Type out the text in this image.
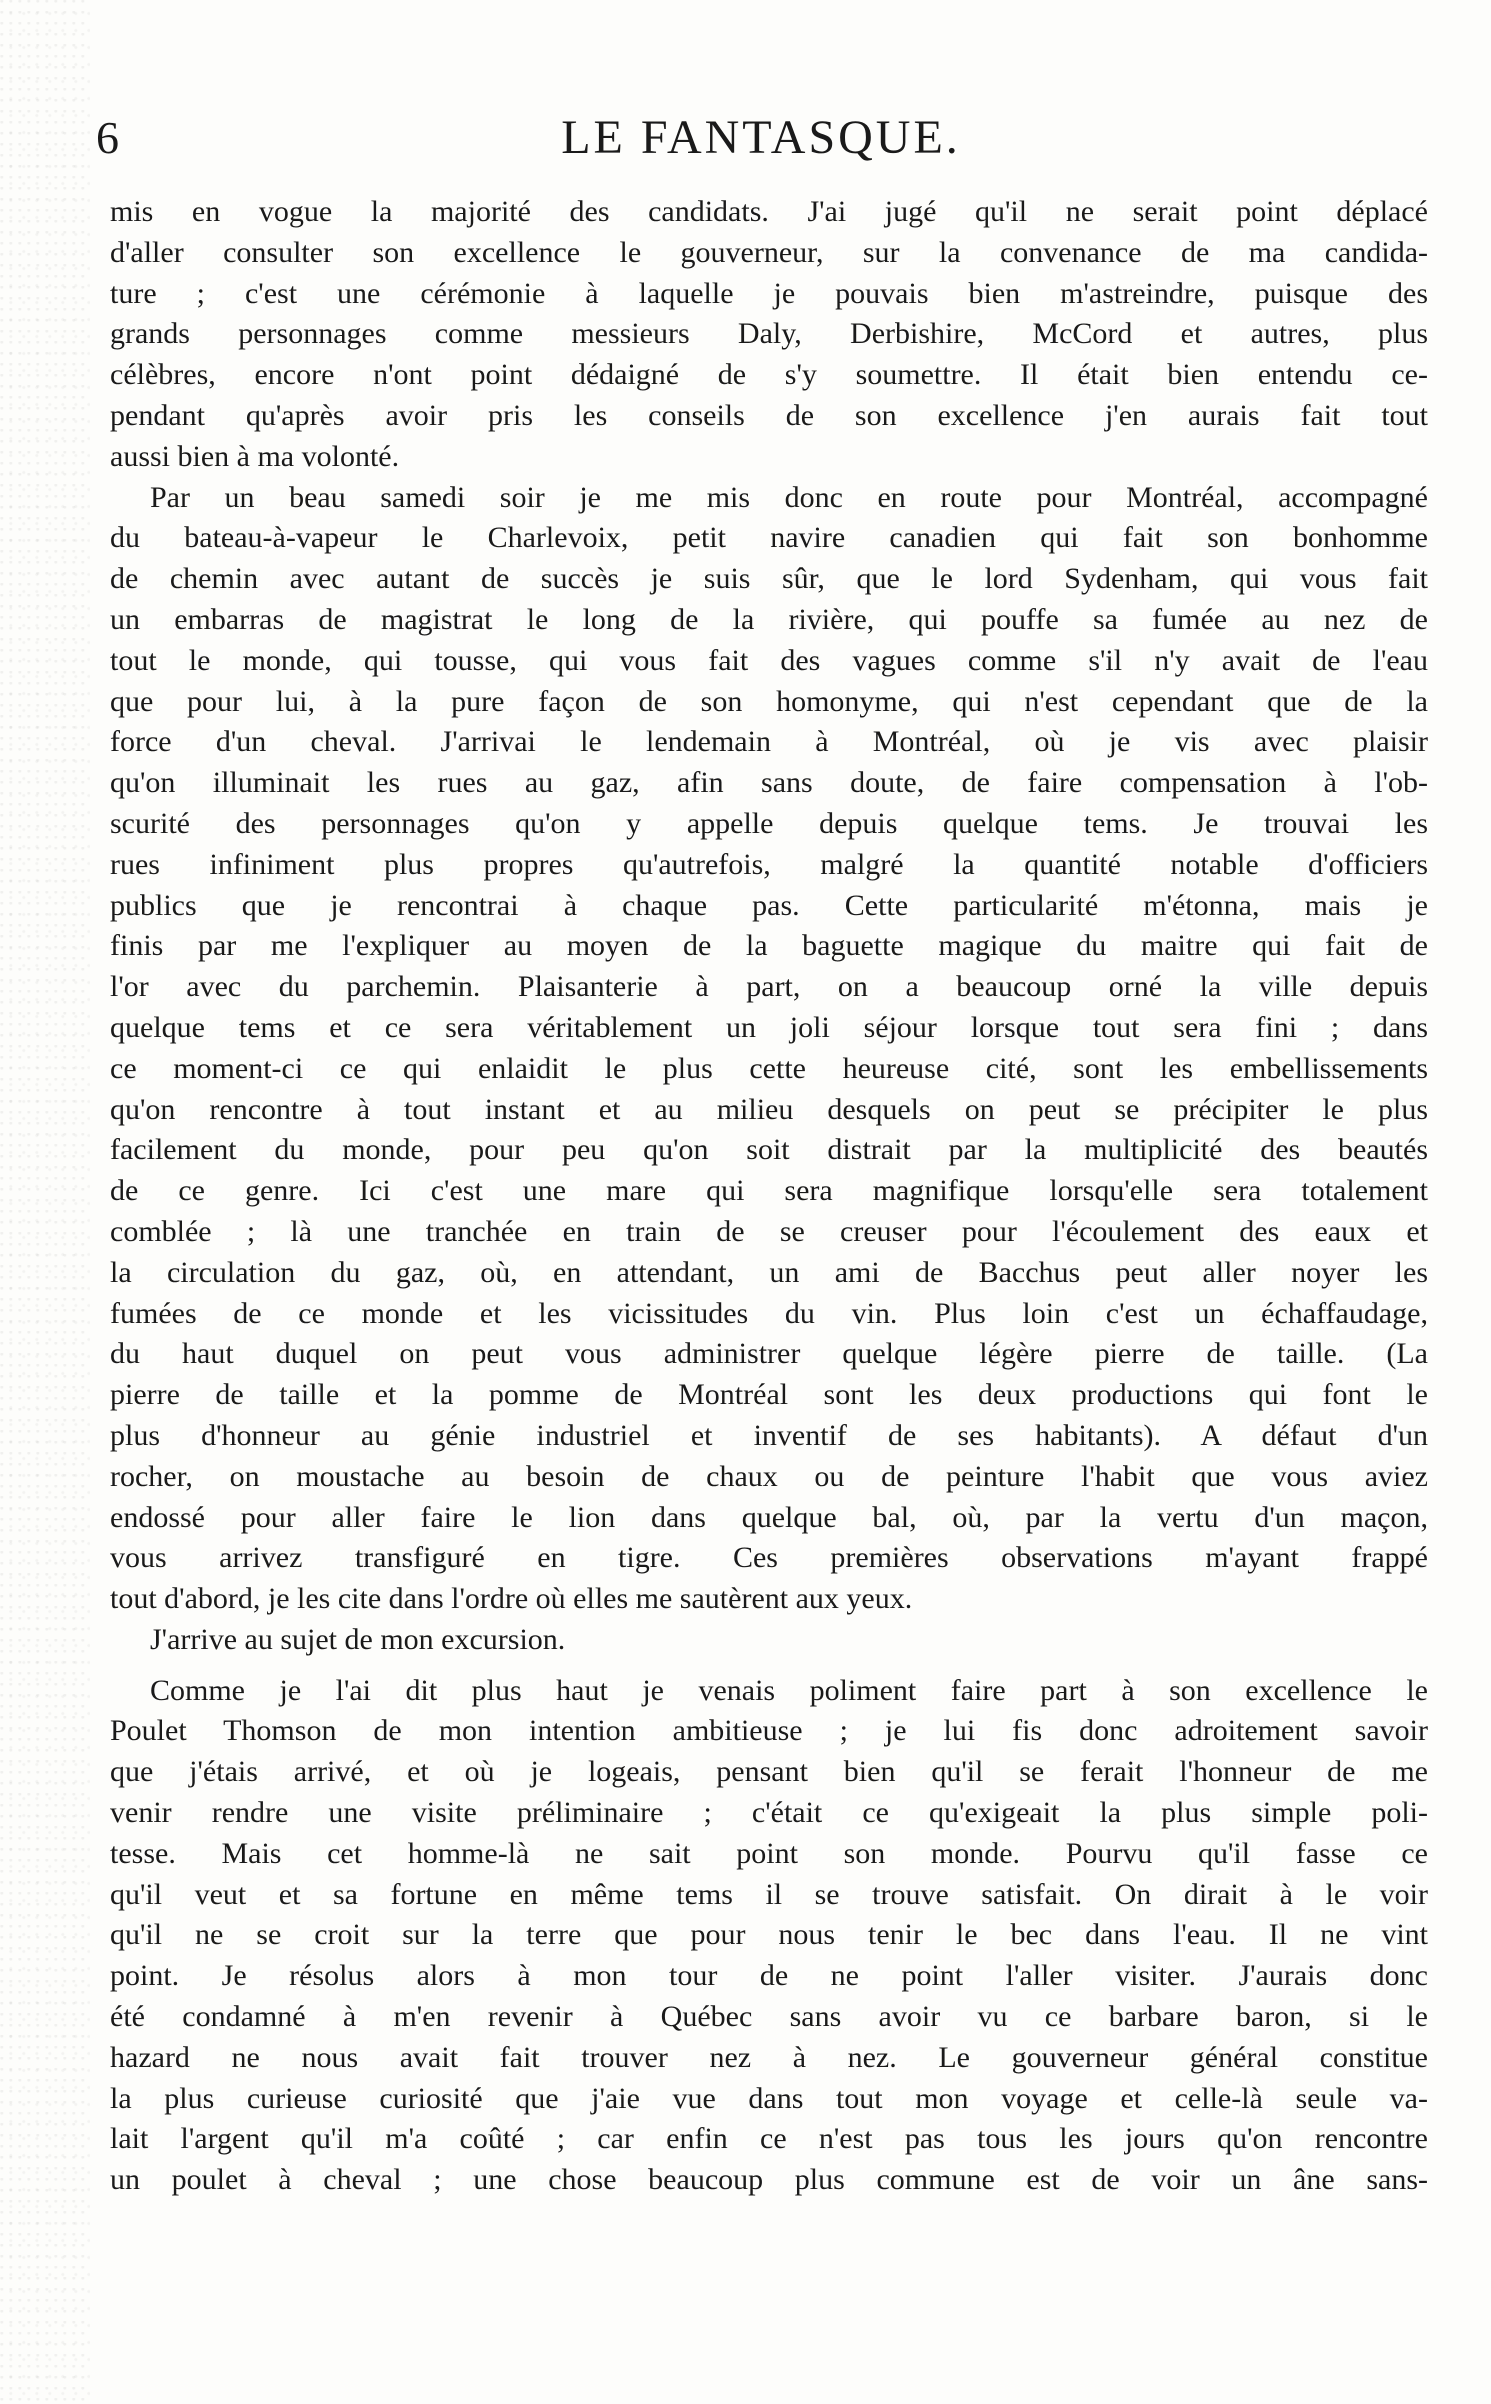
6	LE FANTASQUE.
mis en vogue la majorité des candidats. J'ai jugé qu'il ne serait point déplacé
d'aller consulter son excellence le gouverneur, sur la convenance de ma candida-
ture ; c'est une cérémonie à laquelle je pouvais bien m'astreindre, puisque des
grands personnages comme messieurs Daly, Derbishire, McCord et autres, plus
célèbres, encore n'ont point dédaigné de s'y soumettre. Il était bien entendu ce-
pendant qu'après avoir pris les conseils de son excellence j'en aurais fait tout
aussi bien à ma volonté.
Par un beau samedi soir je me mis donc en route pour Montréal, accompagné
du bateau-à-vapeur le Charlevoix, petit navire canadien qui fait son bonhomme
de chemin avec autant de succès je suis sûr, que le lord Sydenham, qui vous fait
un embarras de magistrat le long de la rivière, qui pouffe sa fumée au nez de
tout le monde, qui tousse, qui vous fait des vagues comme s'il n'y avait de l'eau
que pour lui, à la pure façon de son homonyme, qui n'est cependant que de la
force d'un cheval. J'arrivai le lendemain à Montréal, où je vis avec plaisir
qu'on illuminait les rues au gaz, afin sans doute, de faire compensation à l'ob-
scurité des personnages qu'on y appelle depuis quelque tems. Je trouvai les
rues infiniment plus propres qu'autrefois, malgré la quantité notable d'officiers
publics que je rencontrai à chaque pas. Cette particularité m'étonna, mais je
finis par me l'expliquer au moyen de la baguette magique du maitre qui fait de
l'or avec du parchemin. Plaisanterie à part, on a beaucoup orné la ville depuis
quelque tems et ce sera véritablement un joli séjour lorsque tout sera fini ; dans
ce moment-ci ce qui enlaidit le plus cette heureuse cité, sont les embellissements
qu'on rencontre à tout instant et au milieu desquels on peut se précipiter le plus
facilement du monde, pour peu qu'on soit distrait par la multiplicité des beautés
de ce genre. Ici c'est une mare qui sera magnifique lorsqu'elle sera totalement
comblée ; là une tranchée en train de se creuser pour l'écoulement des eaux et
la circulation du gaz, où, en attendant, un ami de Bacchus peut aller noyer les
fumées de ce monde et les vicissitudes du vin. Plus loin c'est un échaffaudage,
du haut duquel on peut vous administrer quelque légère pierre de taille. (La
pierre de taille et la pomme de Montréal sont les deux productions qui font le
plus d'honneur au génie industriel et inventif de ses habitants). A défaut d'un
rocher, on moustache au besoin de chaux ou de peinture l'habit que vous aviez
endossé pour aller faire le lion dans quelque bal, où, par la vertu d'un maçon,
vous arrivez transfiguré en tigre. Ces premières observations m'ayant frappé
tout d'abord, je les cite dans l'ordre où elles me sautèrent aux yeux.
J'arrive au sujet de mon excursion.
Comme je l'ai dit plus haut je venais poliment faire part à son excellence le
Poulet Thomson de mon intention ambitieuse ; je lui fis donc adroitement savoir
que j'étais arrivé, et où je logeais, pensant bien qu'il se ferait l'honneur de me
venir rendre une visite préliminaire ; c'était ce qu'exigeait la plus simple poli-
tesse. Mais cet homme-là ne sait point son monde. Pourvu qu'il fasse ce
qu'il veut et sa fortune en même tems il se trouve satisfait. On dirait à le voir
qu'il ne se croit sur la terre que pour nous tenir le bec dans l'eau. Il ne vint
point. Je résolus alors à mon tour de ne point l'aller visiter. J'aurais donc
été condamné à m'en revenir à Québec sans avoir vu ce barbare baron, si le
hazard ne nous avait fait trouver nez à nez. Le gouverneur général constitue
la plus curieuse curiosité que j'aie vue dans tout mon voyage et celle-là seule va-
lait l'argent qu'il m'a coûté ; car enfin ce n'est pas tous les jours qu'on rencontre
un poulet à cheval ; une chose beaucoup plus commune est de voir un âne sans-
